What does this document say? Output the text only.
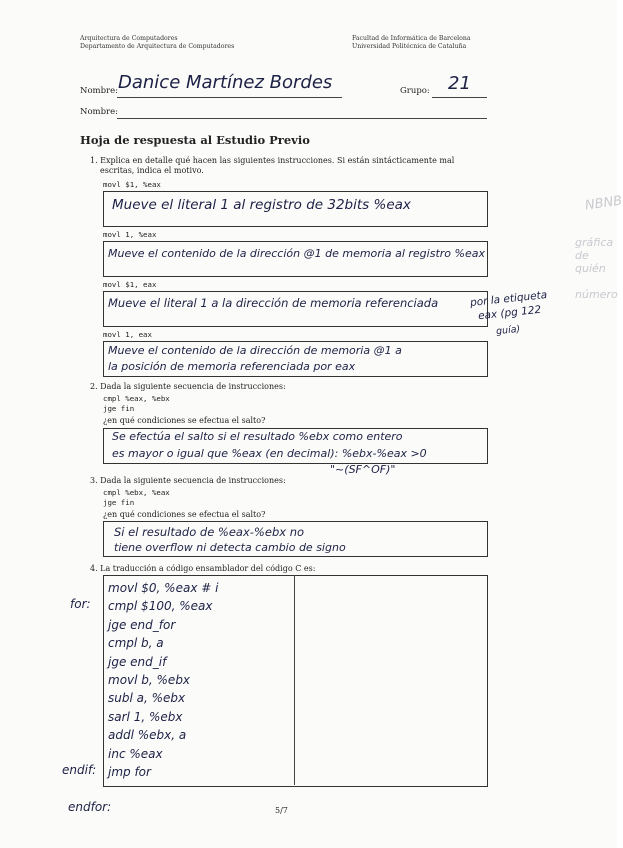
NBNB
gráfica de
quién
número
Arquitectura de Computadores
Departamento de Arquitectura de Computadores
Facultad de Informática de Barcelona
Universidad Politécnica de Cataluña
Nombre: Danice Martínez Bordes	Grupo: 21
Nombre:
Hoja de respuesta al Estudio Previo
1. Explica en detalle qué hacen las siguientes instrucciones. Si están sintácticamente mal
escritas, indica el motivo.
movl $1, %eax
Mueve el literal 1 al registro de 32bits %eax
movl 1, %eax
Mueve el contenido de la dirección @1 de memoria al registro %eax
movl $1, eax
Mueve el literal 1 a la dirección de memoria referenciada	por la etiqueta
eax (pg 122
guía)
movl 1, eax
Mueve el contenido de la dirección de memoria @1 a
la posición de memoria referenciada por eax
2. Dada la siguiente secuencia de instrucciones:
cmpl %eax, %ebx
jge fin
¿en qué condiciones se efectua el salto?
Se efectúa el salto si el resultado %ebx como entero
es mayor o igual que %eax (en decimal): %ebx-%eax >0
"~(SF^OF)"
3. Dada la siguiente secuencia de instrucciones:
cmpl %ebx, %eax
jge fin
¿en qué condiciones se efectua el salto?
Si el resultado de %eax-%ebx no
tiene overflow ni detecta cambio de signo
4. La traducción a código ensamblador del código C es:
movl $0, %eax # i
cmpl $100, %eax
jge end_for
cmpl b, a
jge end_if
movl b, %ebx
subl a, %ebx
sarl 1, %ebx
addl %ebx, a
inc %eax
jmp for
for:
endif:
endfor:	5/7
